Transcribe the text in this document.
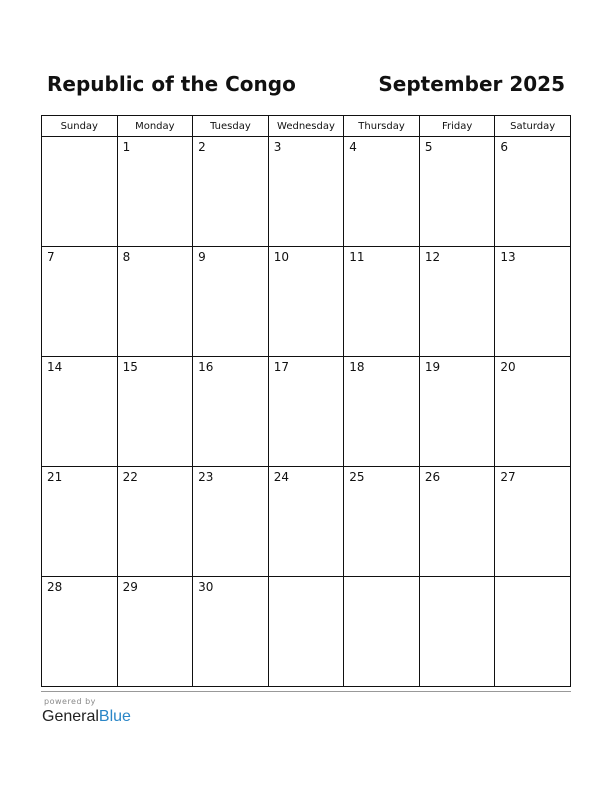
Republic of the Congo	September 2025
Sunday	Monday	Tuesday	Wednesday	Thursday	Friday	Saturday

	1	2	3	4	5	6

7	8	9	10	11	12	13

14	15	16	17	18	19	20

21	22	23	24	25	26	27

28	29	30				

powered by
GeneralBlue
